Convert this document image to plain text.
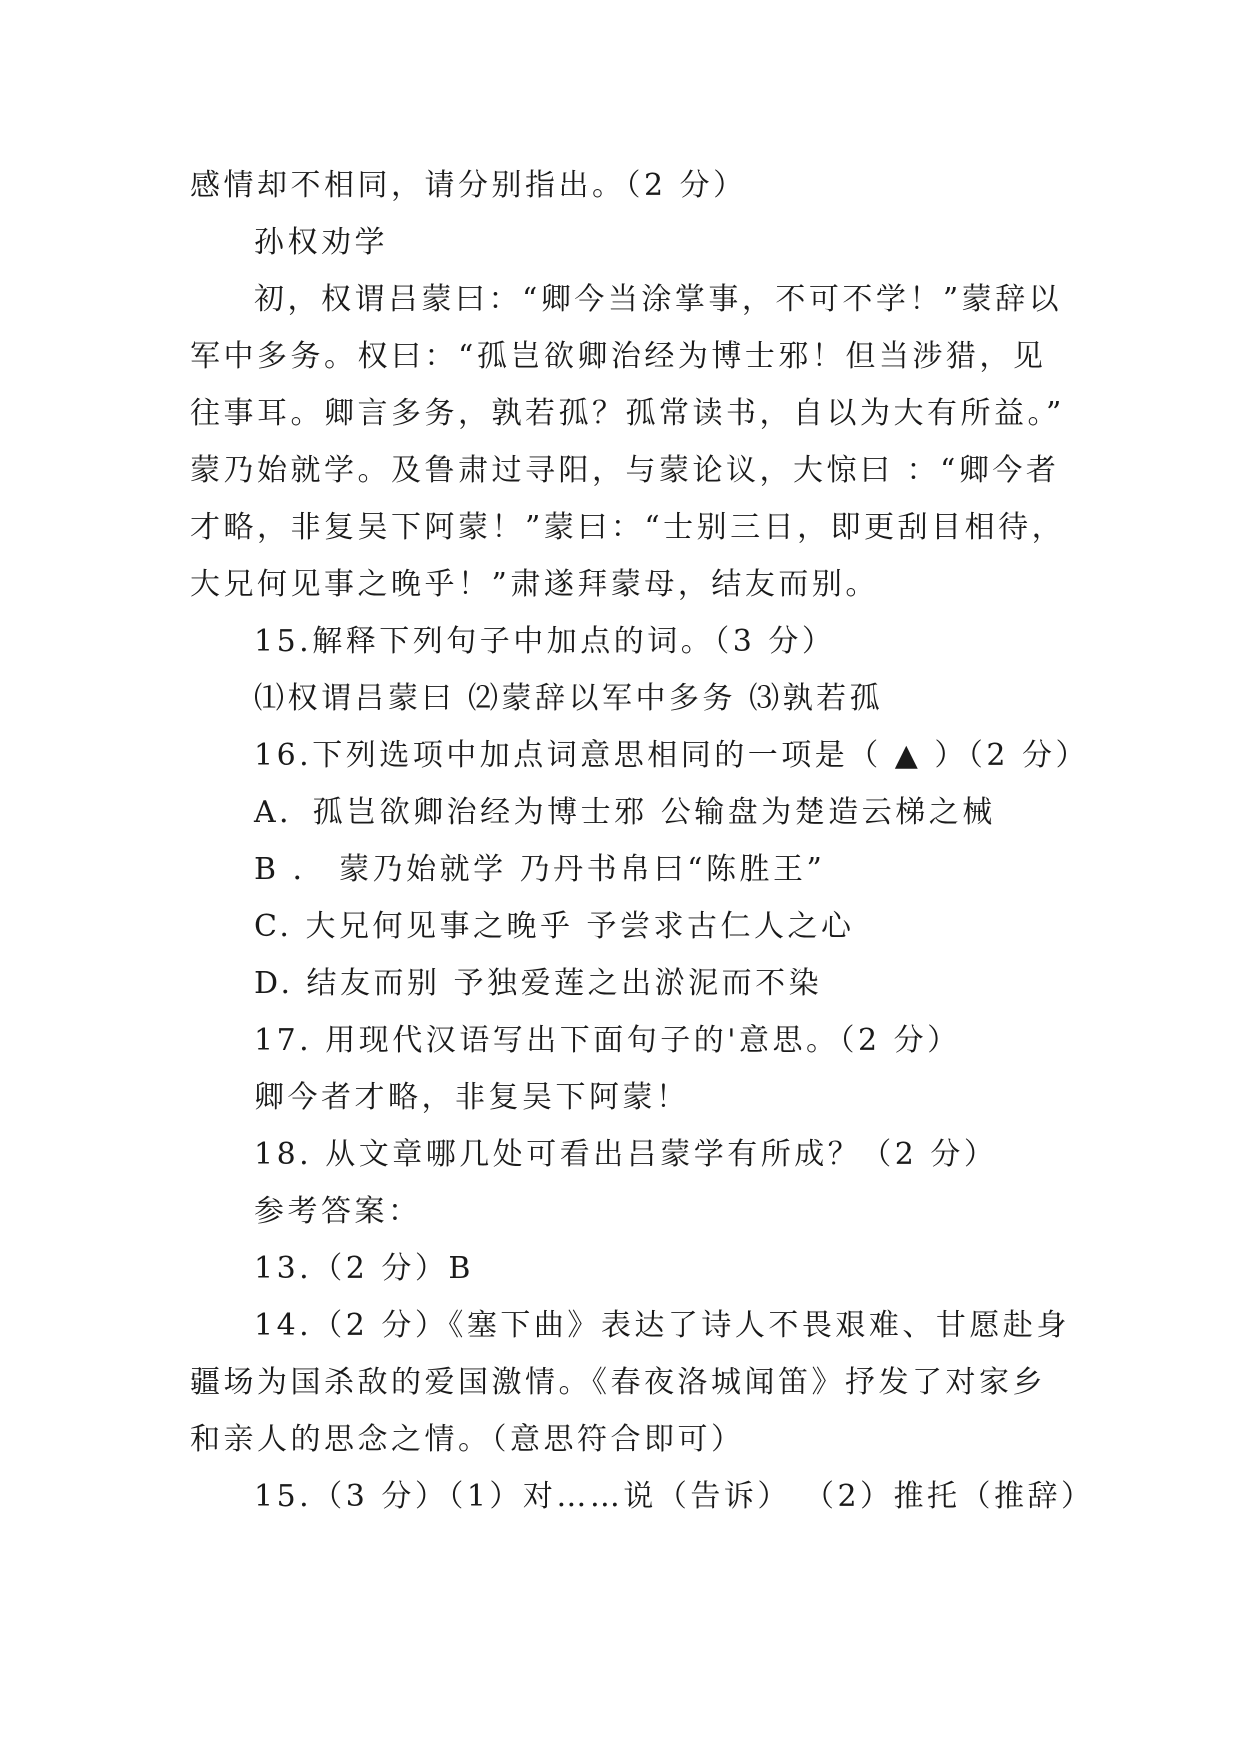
感情却不相同，请分别指出。（2 分）
孙权劝学
初，权谓吕蒙曰：“卿今当涂掌事，不可不学！”蒙辞以
军中多务。权曰：“孤岂欲卿治经为博士邪！但当涉猎，见
往事耳。卿言多务，孰若孤？孤常读书，自以为大有所益。”
蒙乃始就学。及鲁肃过寻阳，与蒙论议，大惊曰 ：“卿今者
才略，非复吴下阿蒙！”蒙曰：“士别三日，即更刮目相待，
大兄何见事之晚乎！”肃遂拜蒙母，结友而别。
15.解释下列句子中加点的词。（3 分）
⑴权谓吕蒙曰 ⑵蒙辞以军中多务 ⑶孰若孤
16.下列选项中加点词意思相同的一项是（ ▲ ）（2 分）
A．孤岂欲卿治经为博士邪 公输盘为楚造云梯之械
B ． 蒙乃始就学 乃丹书帛曰“陈胜王”
C. 大兄何见事之晚乎 予尝求古仁人之心
D. 结友而别 予独爱莲之出淤泥而不染
17. 用现代汉语写出下面句子的'意思。（2 分）
卿今者才略，非复吴下阿蒙！
18. 从文章哪几处可看出吕蒙学有所成？（2 分）
参考答案：
13.（2 分）B
14.（2 分）《塞下曲》表达了诗人不畏艰难、甘愿赴身
疆场为国杀敌的爱国激情。《春夜洛城闻笛》抒发了对家乡
和亲人的思念之情。（意思符合即可）
15.（3 分）（1）对……说（告诉） （2）推托（推辞）
